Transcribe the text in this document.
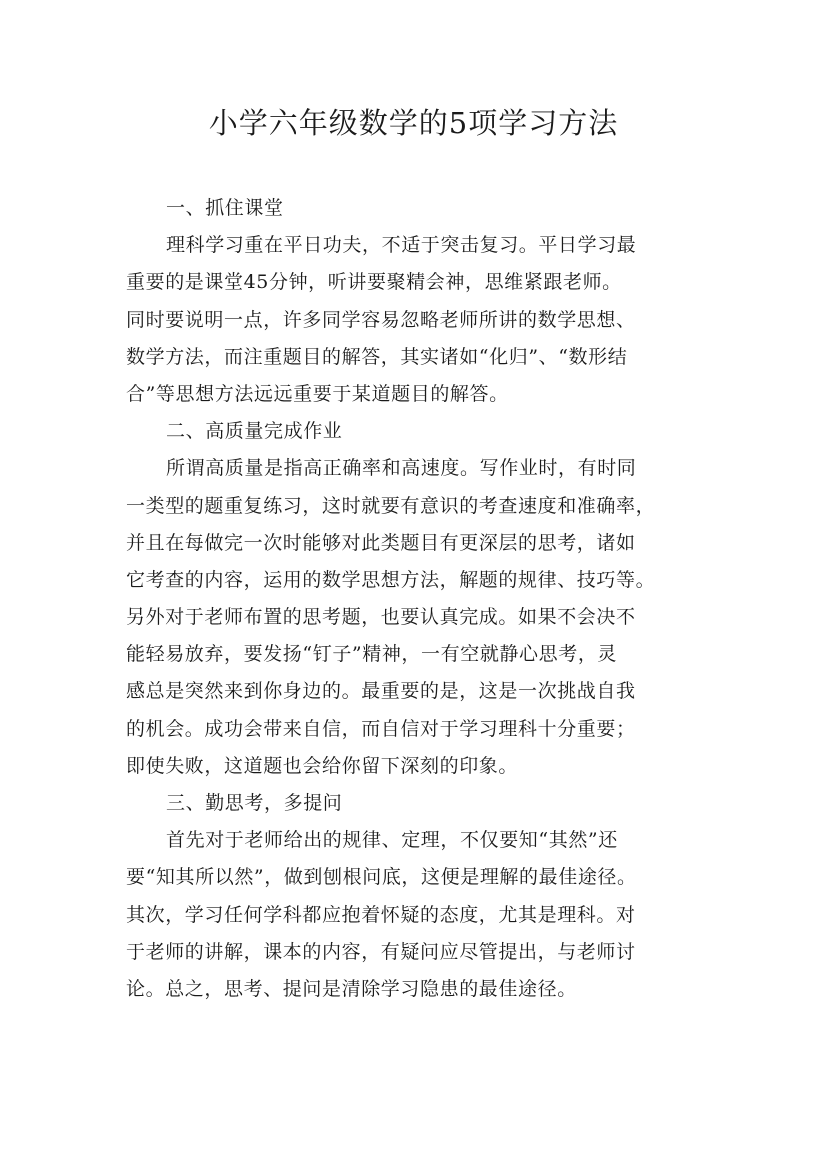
小学六年级数学的5项学习方法
一、抓住课堂
理科学习重在平日功夫，不适于突击复习。平日学习最
重要的是课堂45分钟，听讲要聚精会神，思维紧跟老师。
同时要说明一点，许多同学容易忽略老师所讲的数学思想、
数学方法，而注重题目的解答，其实诸如“化归”、“数形结
合”等思想方法远远重要于某道题目的解答。
二、高质量完成作业
所谓高质量是指高正确率和高速度。写作业时，有时同
一类型的题重复练习，这时就要有意识的考查速度和准确率，
并且在每做完一次时能够对此类题目有更深层的思考，诸如
它考查的内容，运用的数学思想方法，解题的规律、技巧等。
另外对于老师布置的思考题，也要认真完成。如果不会决不
能轻易放弃，要发扬“钉子”精神，一有空就静心思考，灵
感总是突然来到你身边的。最重要的是，这是一次挑战自我
的机会。成功会带来自信，而自信对于学习理科十分重要；
即使失败，这道题也会给你留下深刻的印象。
三、勤思考，多提问
首先对于老师给出的规律、定理，不仅要知“其然”还
要“知其所以然”，做到刨根问底，这便是理解的最佳途径。
其次，学习任何学科都应抱着怀疑的态度，尤其是理科。对
于老师的讲解，课本的内容，有疑问应尽管提出，与老师讨
论。总之，思考、提问是清除学习隐患的最佳途径。
